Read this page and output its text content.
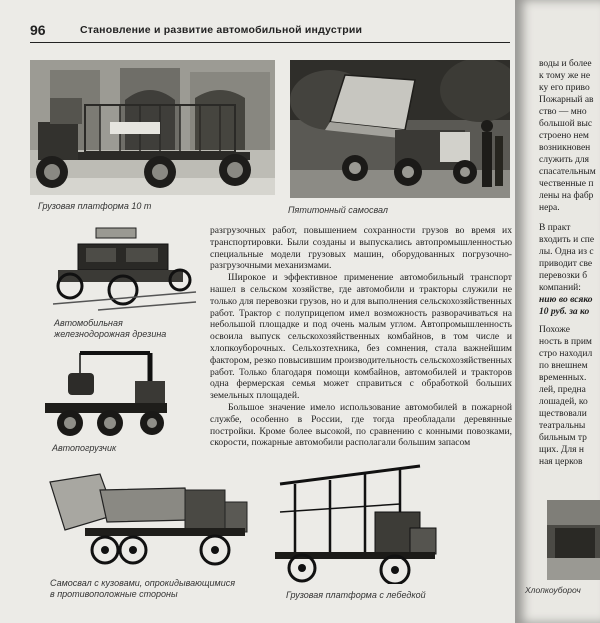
96	Становление и развитие автомобильной индустрии
Грузовая платформа 10 т	Пятитонный самосвал
Автомобильная
железнодорожная дрезина
Автопогрузчик
Самосвал с кузовами, опрокидывающимися
в противоположные стороны	Грузовая платформа с лебедкой

разгрузочных работ, повышением сохранности грузов во время их транспортировки. Были созданы и выпускались автопромышленностью специальные модели грузовых машин, оборудованных погрузочно-разгрузочными механизмами.

Широкое и эффективное применение автомобильный транспорт нашел в сельском хозяйстве, где автомобили и тракторы служили не только для перевозки грузов, но и для выполнения сельскохозяйственных работ. Трактор с полуприцепом имел возможность разворачиваться на небольшой площадке и под очень малым углом. Автопромышленность освоила выпуск сельскохозяйственных комбайнов, в том числе и хлопкоуборочных. Сельхозтехника, без сомнения, стала важнейшим фактором, резко повысившим производительность сельскохозяйственных работ. Только благодаря помощи комбайнов, автомобилей и тракторов одна фермерская семья может справиться с обработкой больших земельных площадей.

Большое значение имело использование автомобилей в пожарной службе, особенно в России, где тогда преобладали деревянные постройки. Кроме более высокой, по сравнению с конными повозками, скорости, пожарные автомобили располагали большим запасом

воды и более
к тому же не
ку его приво
Пожарный ав
ство — мно
большой выс
строено нем
возникновен
служить для
спасательным
чественные п
лены на фабр
нера.
В практ
входить и спе
лы. Одна из с
приводит све
перевозки б
компаний:
нию во всяко
10 руб. за ко
Похоже
ность в прим
стро находил
по внешнем
временных.
лей, предна
лошадей, ко
ществовали
театральны
бильным тр
щих. Для н
ная церков
Хлопкоубороч
